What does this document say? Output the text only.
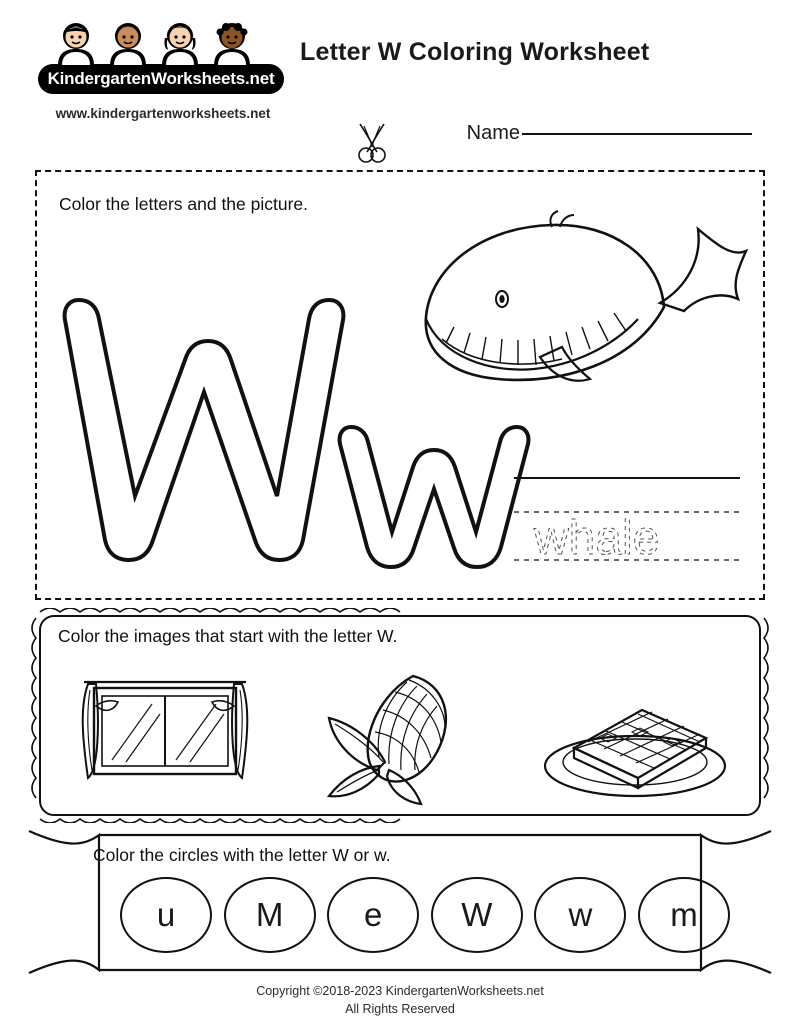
KindergartenWorksheets.net
www.kindergartenworksheets.net
Letter W Coloring Worksheet
Name
Color the letters and the picture.
whale
Color the images that start with the letter W.
Color the circles with the letter W or w.
u	M	e	W	w	m
Copyright ©2018-2023 KindergartenWorksheets.net
All Rights Reserved
